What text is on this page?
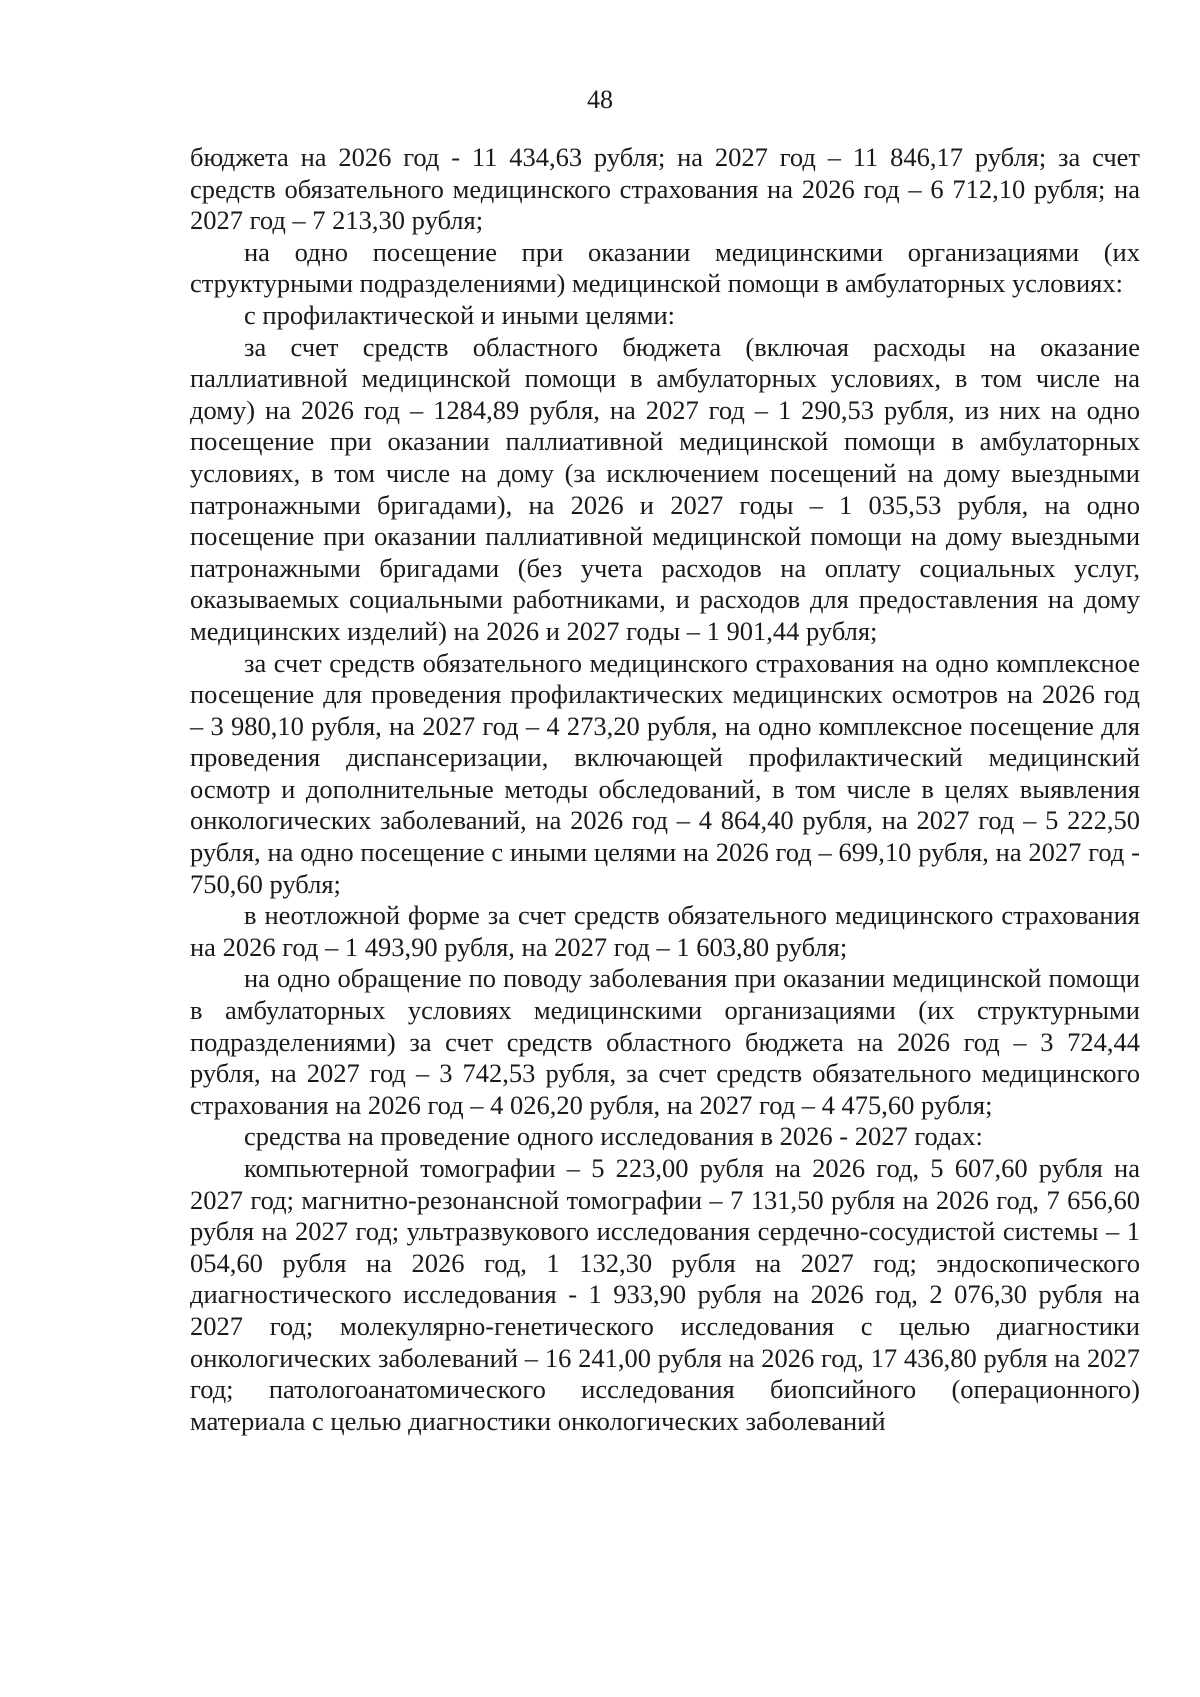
48

бюджета на 2026 год - 11 434,63 рубля; на 2027 год – 11 846,17 рубля; за счет средств обязательного медицинского страхования на 2026 год – 6 712,10 рубля; на 2027 год – 7 213,30 рубля;

на одно посещение при оказании медицинскими организациями (их структурными подразделениями) медицинской помощи в амбулаторных условиях:

с профилактической и иными целями:

за счет средств областного бюджета (включая расходы на оказание паллиативной медицинской помощи в амбулаторных условиях, в том числе на дому) на 2026 год – 1284,89 рубля, на 2027 год – 1 290,53 рубля, из них на одно посещение при оказании паллиативной медицинской помощи в амбулаторных условиях, в том числе на дому (за исключением посещений на дому выездными патронажными бригадами), на 2026 и 2027 годы – 1 035,53 рубля, на одно посещение при оказании паллиативной медицинской помощи на дому выездными патронажными бригадами (без учета расходов на оплату социальных услуг, оказываемых социальными работниками, и расходов для предоставления на дому медицинских изделий) на 2026 и 2027 годы – 1 901,44 рубля;

за счет средств обязательного медицинского страхования на одно комплексное посещение для проведения профилактических медицинских осмотров на 2026 год – 3 980,10 рубля, на 2027 год – 4 273,20 рубля, на одно комплексное посещение для проведения диспансеризации, включающей профилактический медицинский осмотр и дополнительные методы обследований, в том числе в целях выявления онкологических заболеваний, на 2026 год – 4 864,40 рубля, на 2027 год – 5 222,50 рубля, на одно посещение с иными целями на 2026 год – 699,10 рубля, на 2027 год - 750,60 рубля;

в неотложной форме за счет средств обязательного медицинского страхования на 2026 год – 1 493,90 рубля, на 2027 год – 1 603,80 рубля;

на одно обращение по поводу заболевания при оказании медицинской помощи в амбулаторных условиях медицинскими организациями (их структурными подразделениями) за счет средств областного бюджета на 2026 год – 3 724,44 рубля, на 2027 год – 3 742,53 рубля, за счет средств обязательного медицинского страхования на 2026 год – 4 026,20 рубля, на 2027 год – 4 475,60 рубля;

средства на проведение одного исследования в 2026 - 2027 годах:

компьютерной томографии – 5 223,00 рубля на 2026 год, 5 607,60 рубля на 2027 год; магнитно-резонансной томографии – 7 131,50 рубля на 2026 год, 7 656,60 рубля на 2027 год; ультразвукового исследования сердечно-сосудистой системы – 1 054,60 рубля на 2026 год, 1 132,30 рубля на 2027 год; эндоскопического диагностического исследования - 1 933,90 рубля на 2026 год, 2 076,30 рубля на 2027 год; молекулярно-генетического исследования с целью диагностики онкологических заболеваний – 16 241,00 рубля на 2026 год, 17 436,80 рубля на 2027 год; патологоанатомического исследования биопсийного (операционного) материала с целью диагностики онкологических заболеваний
